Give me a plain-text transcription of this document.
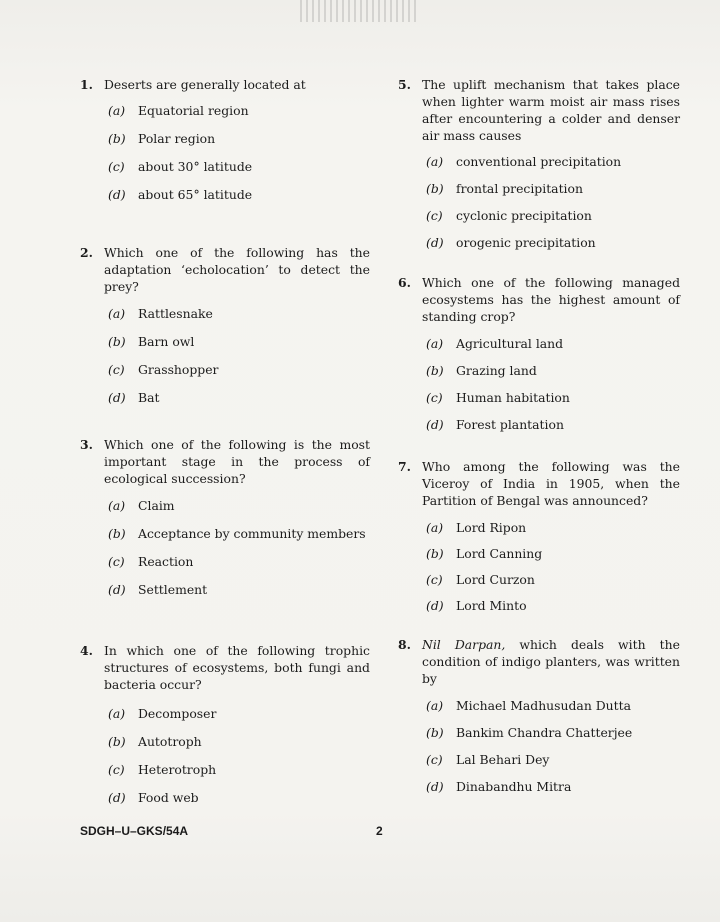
1. Deserts are generally located at

(a) Equatorial region
(b) Polar region
(c) about 30° latitude
(d) about 65° latitude

2. Which one of the following has the adaptation ‘echolocation’ to detect the prey?

(a) Rattlesnake
(b) Barn owl
(c) Grasshopper
(d) Bat

3. Which one of the following is the most important stage in the process of ecological succession?

(a) Claim
(b) Acceptance by community members
(c) Reaction
(d) Settlement

4. In which one of the following trophic structures of ecosystems, both fungi and bacteria occur?

(a) Decomposer
(b) Autotroph
(c) Heterotroph
(d) Food web

5. The uplift mechanism that takes place when lighter warm moist air mass rises after encountering a colder and denser air mass causes

(a) conventional precipitation
(b) frontal precipitation
(c) cyclonic precipitation
(d) orogenic precipitation

6. Which one of the following managed ecosystems has the highest amount of standing crop?

(a) Agricultural land
(b) Grazing land
(c) Human habitation
(d) Forest plantation

7. Who among the following was the Viceroy of India in 1905, when the Partition of Bengal was announced?

(a) Lord Ripon
(b) Lord Canning
(c) Lord Curzon
(d) Lord Minto

8. Nil Darpan, which deals with the condition of indigo planters, was written by

(a) Michael Madhusudan Dutta
(b) Bankim Chandra Chatterjee
(c) Lal Behari Dey
(d) Dinabandhu Mitra
SDGH–U–GKS/54A	2
